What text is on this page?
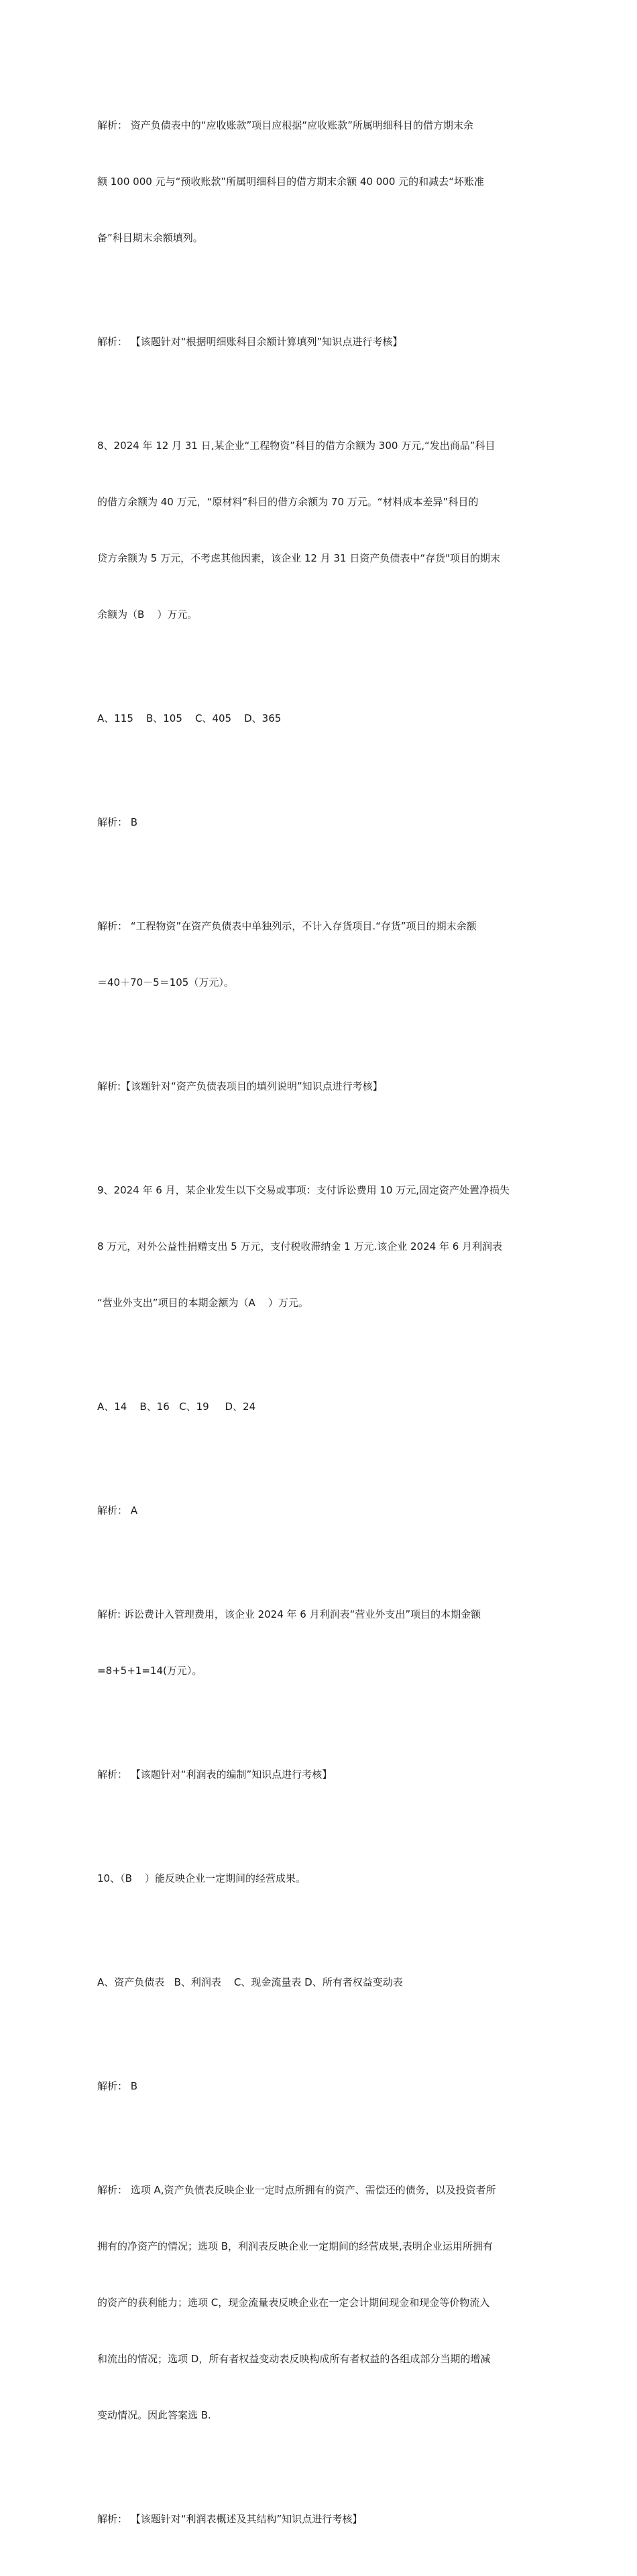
解析： 资产负债表中的“应收账款”项目应根据“应收账款”所属明细科目的借方期末余

额 100 000 元与“预收账款”所属明细科目的借方期末余额 40 000 元的和减去“坏账准

备”科目期末余额填列。

解析： 【该题针对“根据明细账科目余额计算填列”知识点进行考核】

8、2024 年 12 月 31 日,某企业“工程物资”科目的借方余额为 300 万元,“发出商品”科目

的借方余额为 40 万元，“原材料”科目的借方余额为 70 万元。“材料成本差异”科目的

贷方余额为 5 万元，不考虑其他因素，该企业 12 月 31 日资产负债表中“存货"项目的期末

余额为（B    ）万元。

A、115    B、105    C、405    D、365

解析： B

解析： “工程物资”在资产负债表中单独列示，不计入存货项目.“存货”项目的期末余额

＝40＋70－5＝105（万元）。

解析:【该题针对“资产负债表项目的填列说明”知识点进行考核】

9、2024 年 6 月，某企业发生以下交易或事项：支付诉讼费用 10 万元,固定资产处置净损失

8 万元，对外公益性捐赠支出 5 万元，支付税收滞纳金 1 万元.该企业 2024 年 6 月利润表

“营业外支出”项目的本期金额为（A    ）万元。

A、14    B、16   C、19     D、24

解析： A

解析: 诉讼费计入管理费用，该企业 2024 年 6 月利润表“营业外支出”项目的本期金额

=8+5+1=14(万元）。

解析： 【该题针对“利润表的编制”知识点进行考核】

10、（B    ）能反映企业一定期间的经营成果。

A、资产负债表   B、利润表    C、现金流量表 D、所有者权益变动表

解析： B

解析： 选项 A,资产负债表反映企业一定时点所拥有的资产、需偿还的债务，以及投资者所

拥有的净资产的情况；选项 B，利润表反映企业一定期间的经营成果,表明企业运用所拥有

的资产的获利能力；选项 C，现金流量表反映企业在一定会计期间现金和现金等价物流入

和流出的情况；选项 D，所有者权益变动表反映构成所有者权益的各组成部分当期的增减

变动情况。因此答案选 B.

解析： 【该题针对“利润表概述及其结构”知识点进行考核】
